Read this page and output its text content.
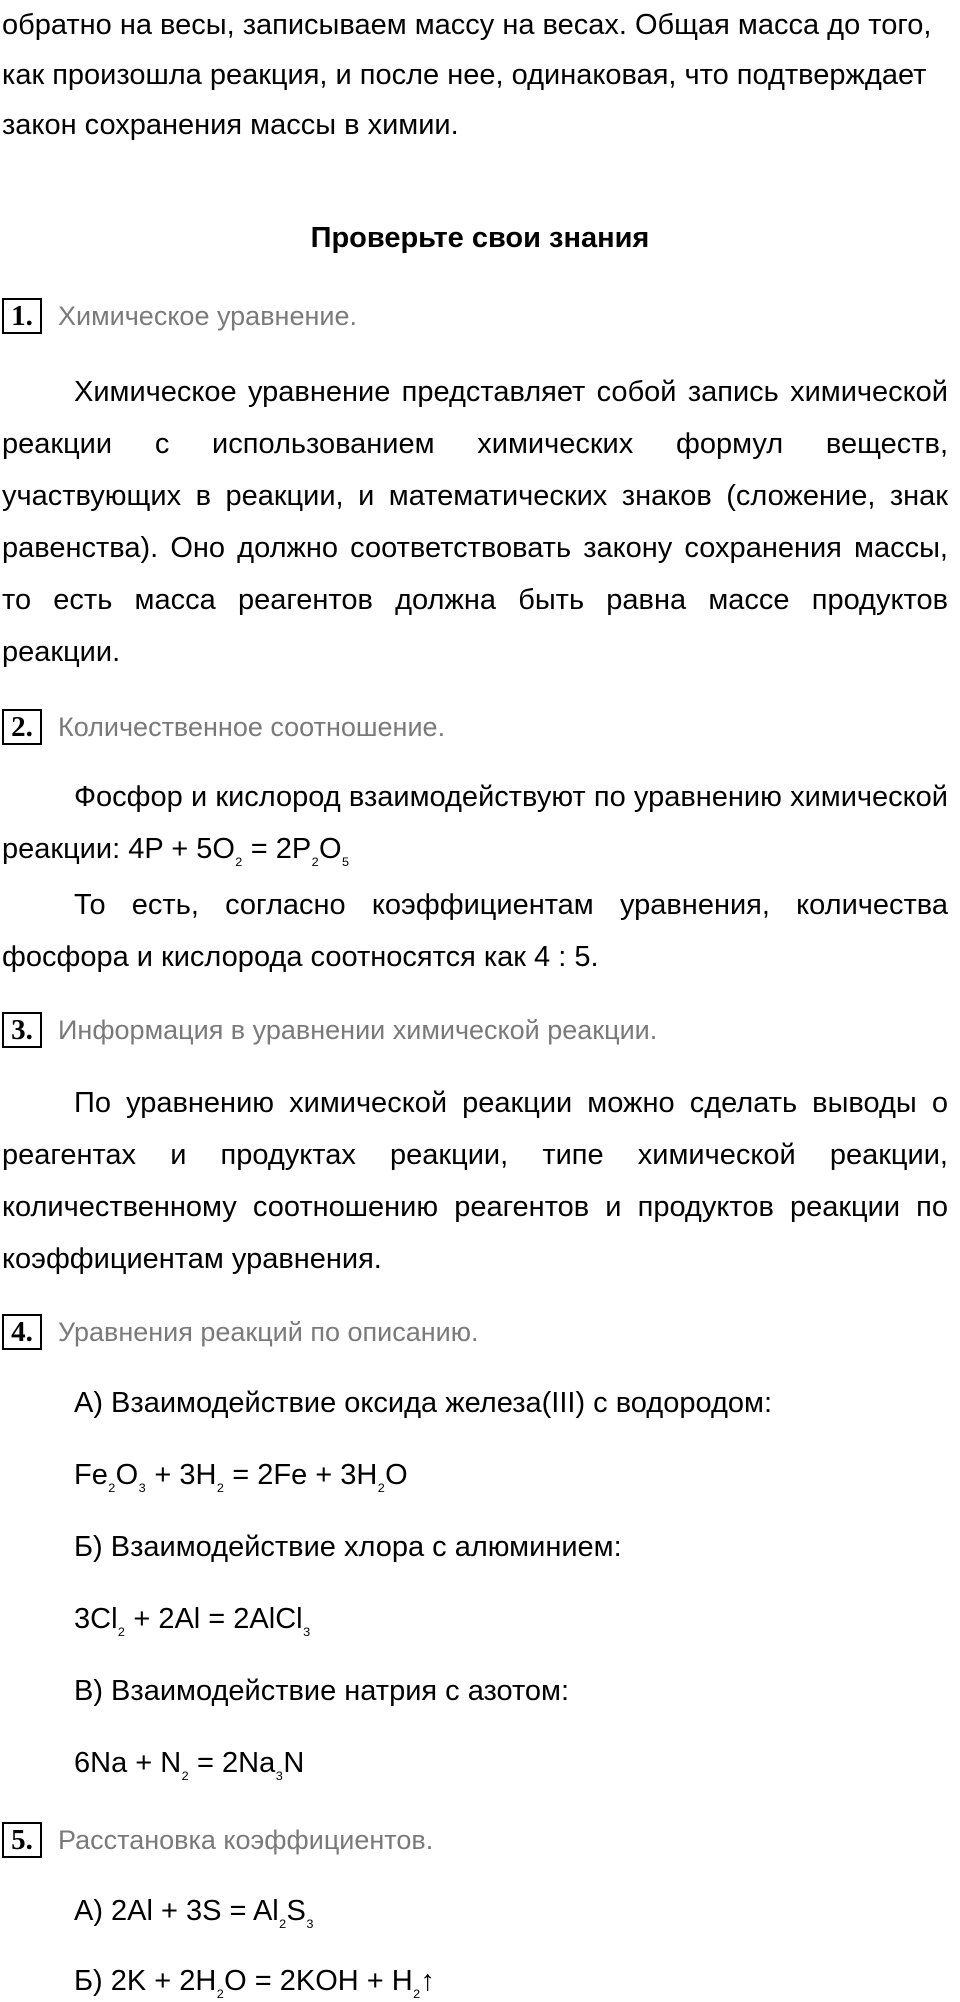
обратно на весы, записываем массу на весах. Общая масса до того, как произошла реакция, и после нее, одинаковая, что подтверждает закон сохранения массы в химии.

Проверьте свои знания
1. Химическое уравнение.

Химическое уравнение представляет собой запись химической реакции с использованием химических формул веществ, участвующих в реакции, и математических знаков (сложение, знак равенства). Оно должно соответствовать закону сохранения массы, то есть масса реагентов должна быть равна массе продуктов реакции.

2. Количественное соотношение.

Фосфор и кислород взаимодействуют по уравнению химической реакции: $4P + 5O_{_2} = 2P_{_2}O_{_5}$

То есть, согласно коэффициентам уравнения, количества фосфора и кислорода соотносятся как 4 : 5.

3. Информация в уравнении химической реакции.

По уравнению химической реакции можно сделать выводы о реагентах и продуктах реакции, типе химической реакции, количественному соотношению реагентов и продуктов реакции по коэффициентам уравнения.

4. Уравнения реакций по описанию.

А) Взаимодействие оксида железа(III) с водородом:

$Fe_{_2}O_{_3} + 3H_{_2} = 2Fe + 3H_{_2}O$

Б) Взаимодействие хлора с алюминием:

$3Cl_{_2} + 2Al$ = 2AlCl$_{_3}$

В) Взаимодействие натрия с азотом:

$6Na + N_{_2} = 2Na_{_3}N$

5. Расстановка коэффициентов.

А) $2Al + 3S = Al_{_2}S_{_3}$

Б) $2K + 2H_{_2}O = 2KOH$ + $H_{_2}↑$
